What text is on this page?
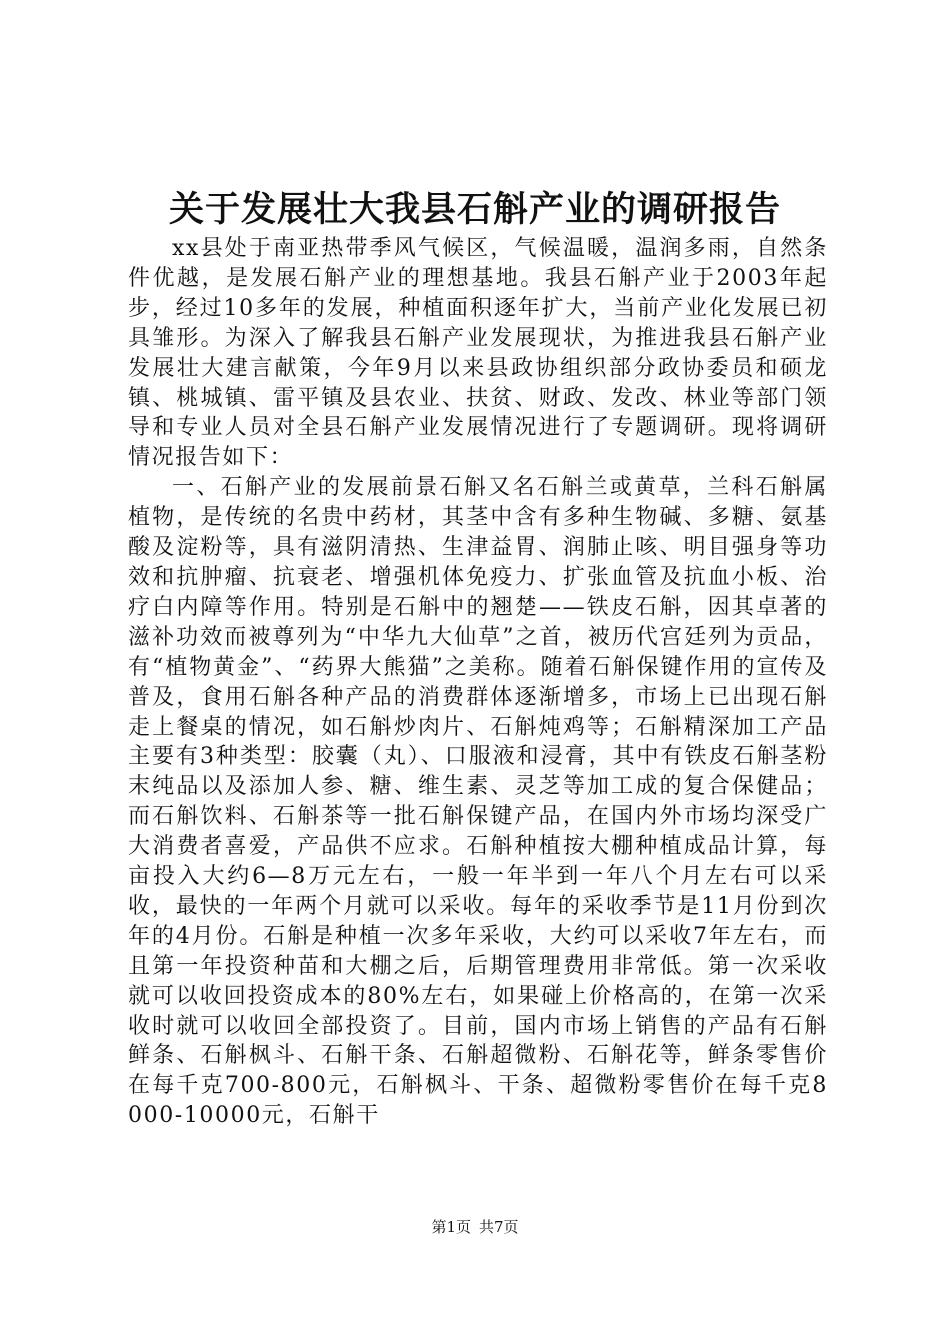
关于发展壮大我县石斛产业的调研报告

xx县处于南亚热带季风气候区，气候温暖，温润多雨，自然条件优越，是发展石斛产业的理想基地。我县石斛产业于2003年起步，经过10多年的发展，种植面积逐年扩大，当前产业化发展已初具雏形。为深入了解我县石斛产业发展现状，为推进我县石斛产业发展壮大建言献策，今年9月以来县政协组织部分政协委员和硕龙镇、桃城镇、雷平镇及县农业、扶贫、财政、发改、林业等部门领导和专业人员对全县石斛产业发展情况进行了专题调研。现将调研情况报告如下：

一、石斛产业的发展前景石斛又名石斛兰或黄草，兰科石斛属植物，是传统的名贵中药材，其茎中含有多种生物碱、多糖、氨基酸及淀粉等，具有滋阴清热、生津益胃、润肺止咳、明目强身等功效和抗肿瘤、抗衰老、增强机体免疫力、扩张血管及抗血小板、治疗白内障等作用。特别是石斛中的翘楚——铁皮石斛，因其卓著的滋补功效而被尊列为“中华九大仙草”之首，被历代宫廷列为贡品，有“植物黄金”、“药界大熊猫”之美称。随着石斛保键作用的宣传及普及，食用石斛各种产品的消费群体逐渐增多，市场上已出现石斛走上餐桌的情况，如石斛炒肉片、石斛炖鸡等；石斛精深加工产品主要有3种类型：胶囊（丸）、口服液和浸膏，其中有铁皮石斛茎粉末纯品以及添加人参、糖、维生素、灵芝等加工成的复合保健品；而石斛饮料、石斛茶等一批石斛保键产品，在国内外市场均深受广大消费者喜爱，产品供不应求。石斛种植按大棚种植成品计算，每亩投入大约6—8万元左右，一般一年半到一年八个月左右可以采收，最快的一年两个月就可以采收。每年的采收季节是11月份到次年的4月份。石斛是种植一次多年采收，大约可以采收7年左右，而且第一年投资种苗和大棚之后，后期管理费用非常低。第一次采收就可以收回投资成本的80%左右，如果碰上价格高的，在第一次采收时就可以收回全部投资了。目前，国内市场上销售的产品有石斛鲜条、石斛枫斗、石斛干条、石斛超微粉、石斛花等，鲜条零售价在每千克700-800元，石斛枫斗、干条、超微粉零售价在每千克8000-10000元，石斛干

第1页 共7页
